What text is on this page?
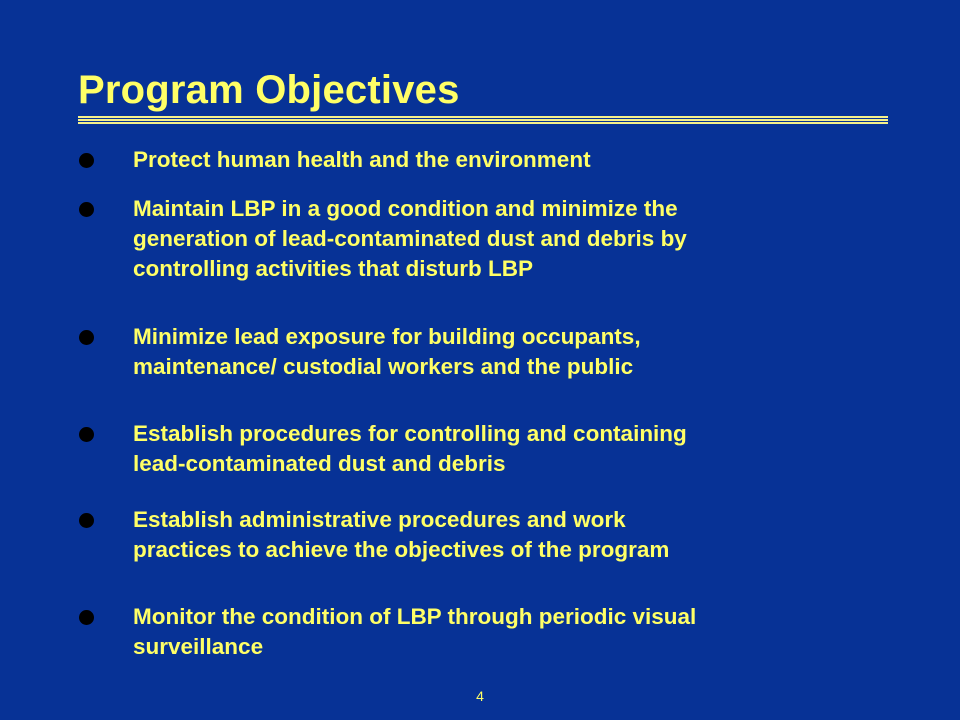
Program Objectives

Protect human health and the environment

Maintain LBP in a good condition and minimize the
generation of lead-contaminated dust and debris by
controlling activities that disturb LBP

Minimize lead exposure for building occupants,
maintenance/ custodial workers and the public

Establish procedures for controlling and containing
lead-contaminated dust and debris

Establish administrative procedures and work
practices to achieve the objectives of the program

Monitor the condition of LBP through periodic visual
surveillance

4
